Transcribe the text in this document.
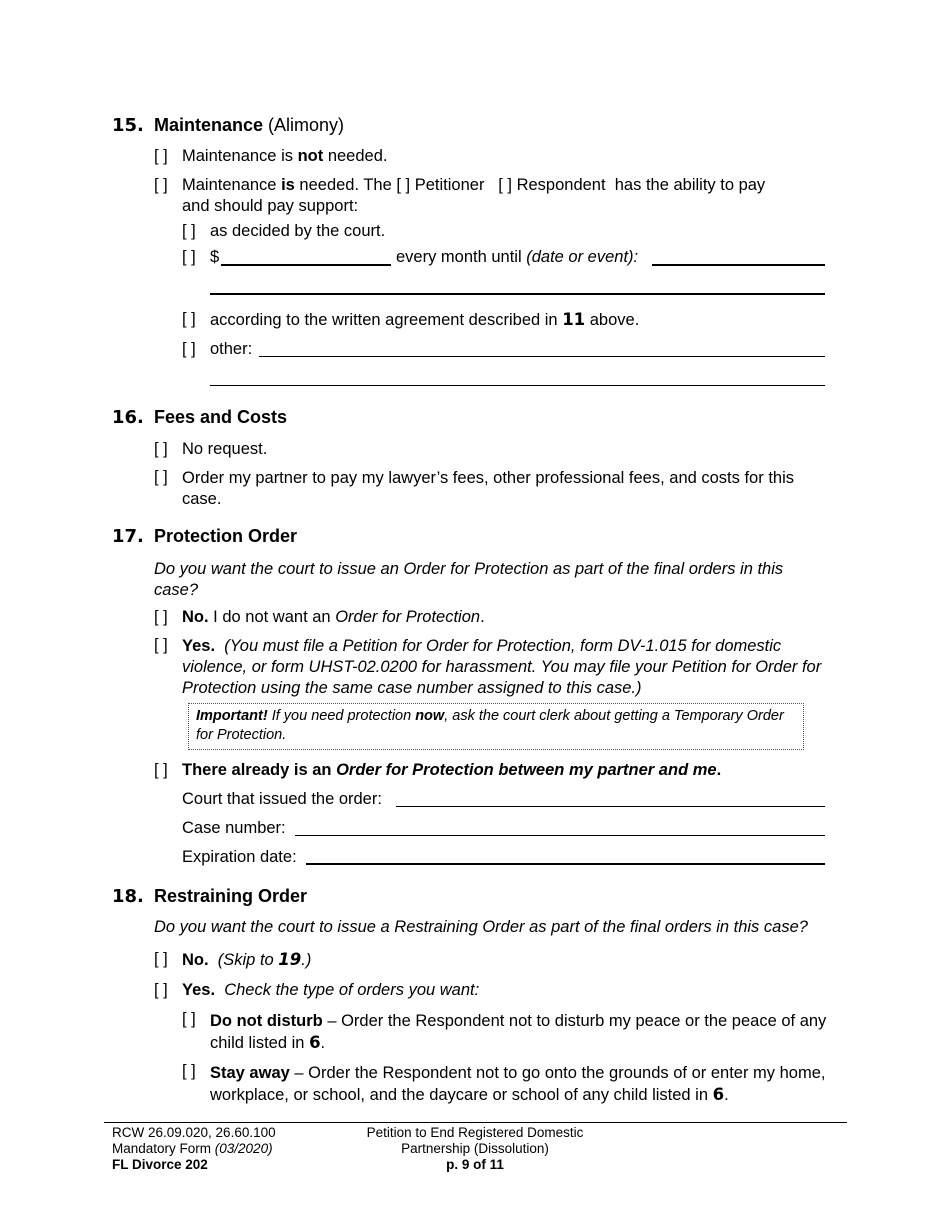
15. Maintenance (Alimony)
[ ] Maintenance is not needed.
[ ] Maintenance is needed. The [ ] Petitioner [ ] Respondent  has the ability to pay
and should pay support:
[ ] as decided by the court.
[ ] $	every month until (date or event):
[ ] according to the written agreement described in 11 above.
[ ] other:
16. Fees and Costs
[ ] No request.
[ ] Order my partner to pay my lawyer’s fees, other professional fees, and costs for this case.
17. Protection Order
Do you want the court to issue an Order for Protection as part of the final orders in this case?
[ ] No. I do not want an Order for Protection.
[ ] Yes. (You must file a Petition for Order for Protection, form DV-1.015 for domestic violence, or form UHST-02.0200 for harassment. You may file your Petition for Order for Protection using the same case number assigned to this case.)
Important! If you need protection now, ask the court clerk about getting a Temporary Order for Protection.
[ ] There already is an Order for Protection between my partner and me.
Court that issued the order:
Case number:
Expiration date:
18. Restraining Order
Do you want the court to issue a Restraining Order as part of the final orders in this case?
[ ] No. (Skip to 19.)
[ ] Yes. Check the type of orders you want:
[ ] Do not disturb – Order the Respondent not to disturb my peace or the peace of any child listed in 6.
[ ] Stay away – Order the Respondent not to go onto the grounds of or enter my home, workplace, or school, and the daycare or school of any child listed in 6.
RCW 26.09.020, 26.60.100
Mandatory Form (03/2020)
FL Divorce 202
Petition to End Registered Domestic
Partnership (Dissolution)
p. 9 of 11
